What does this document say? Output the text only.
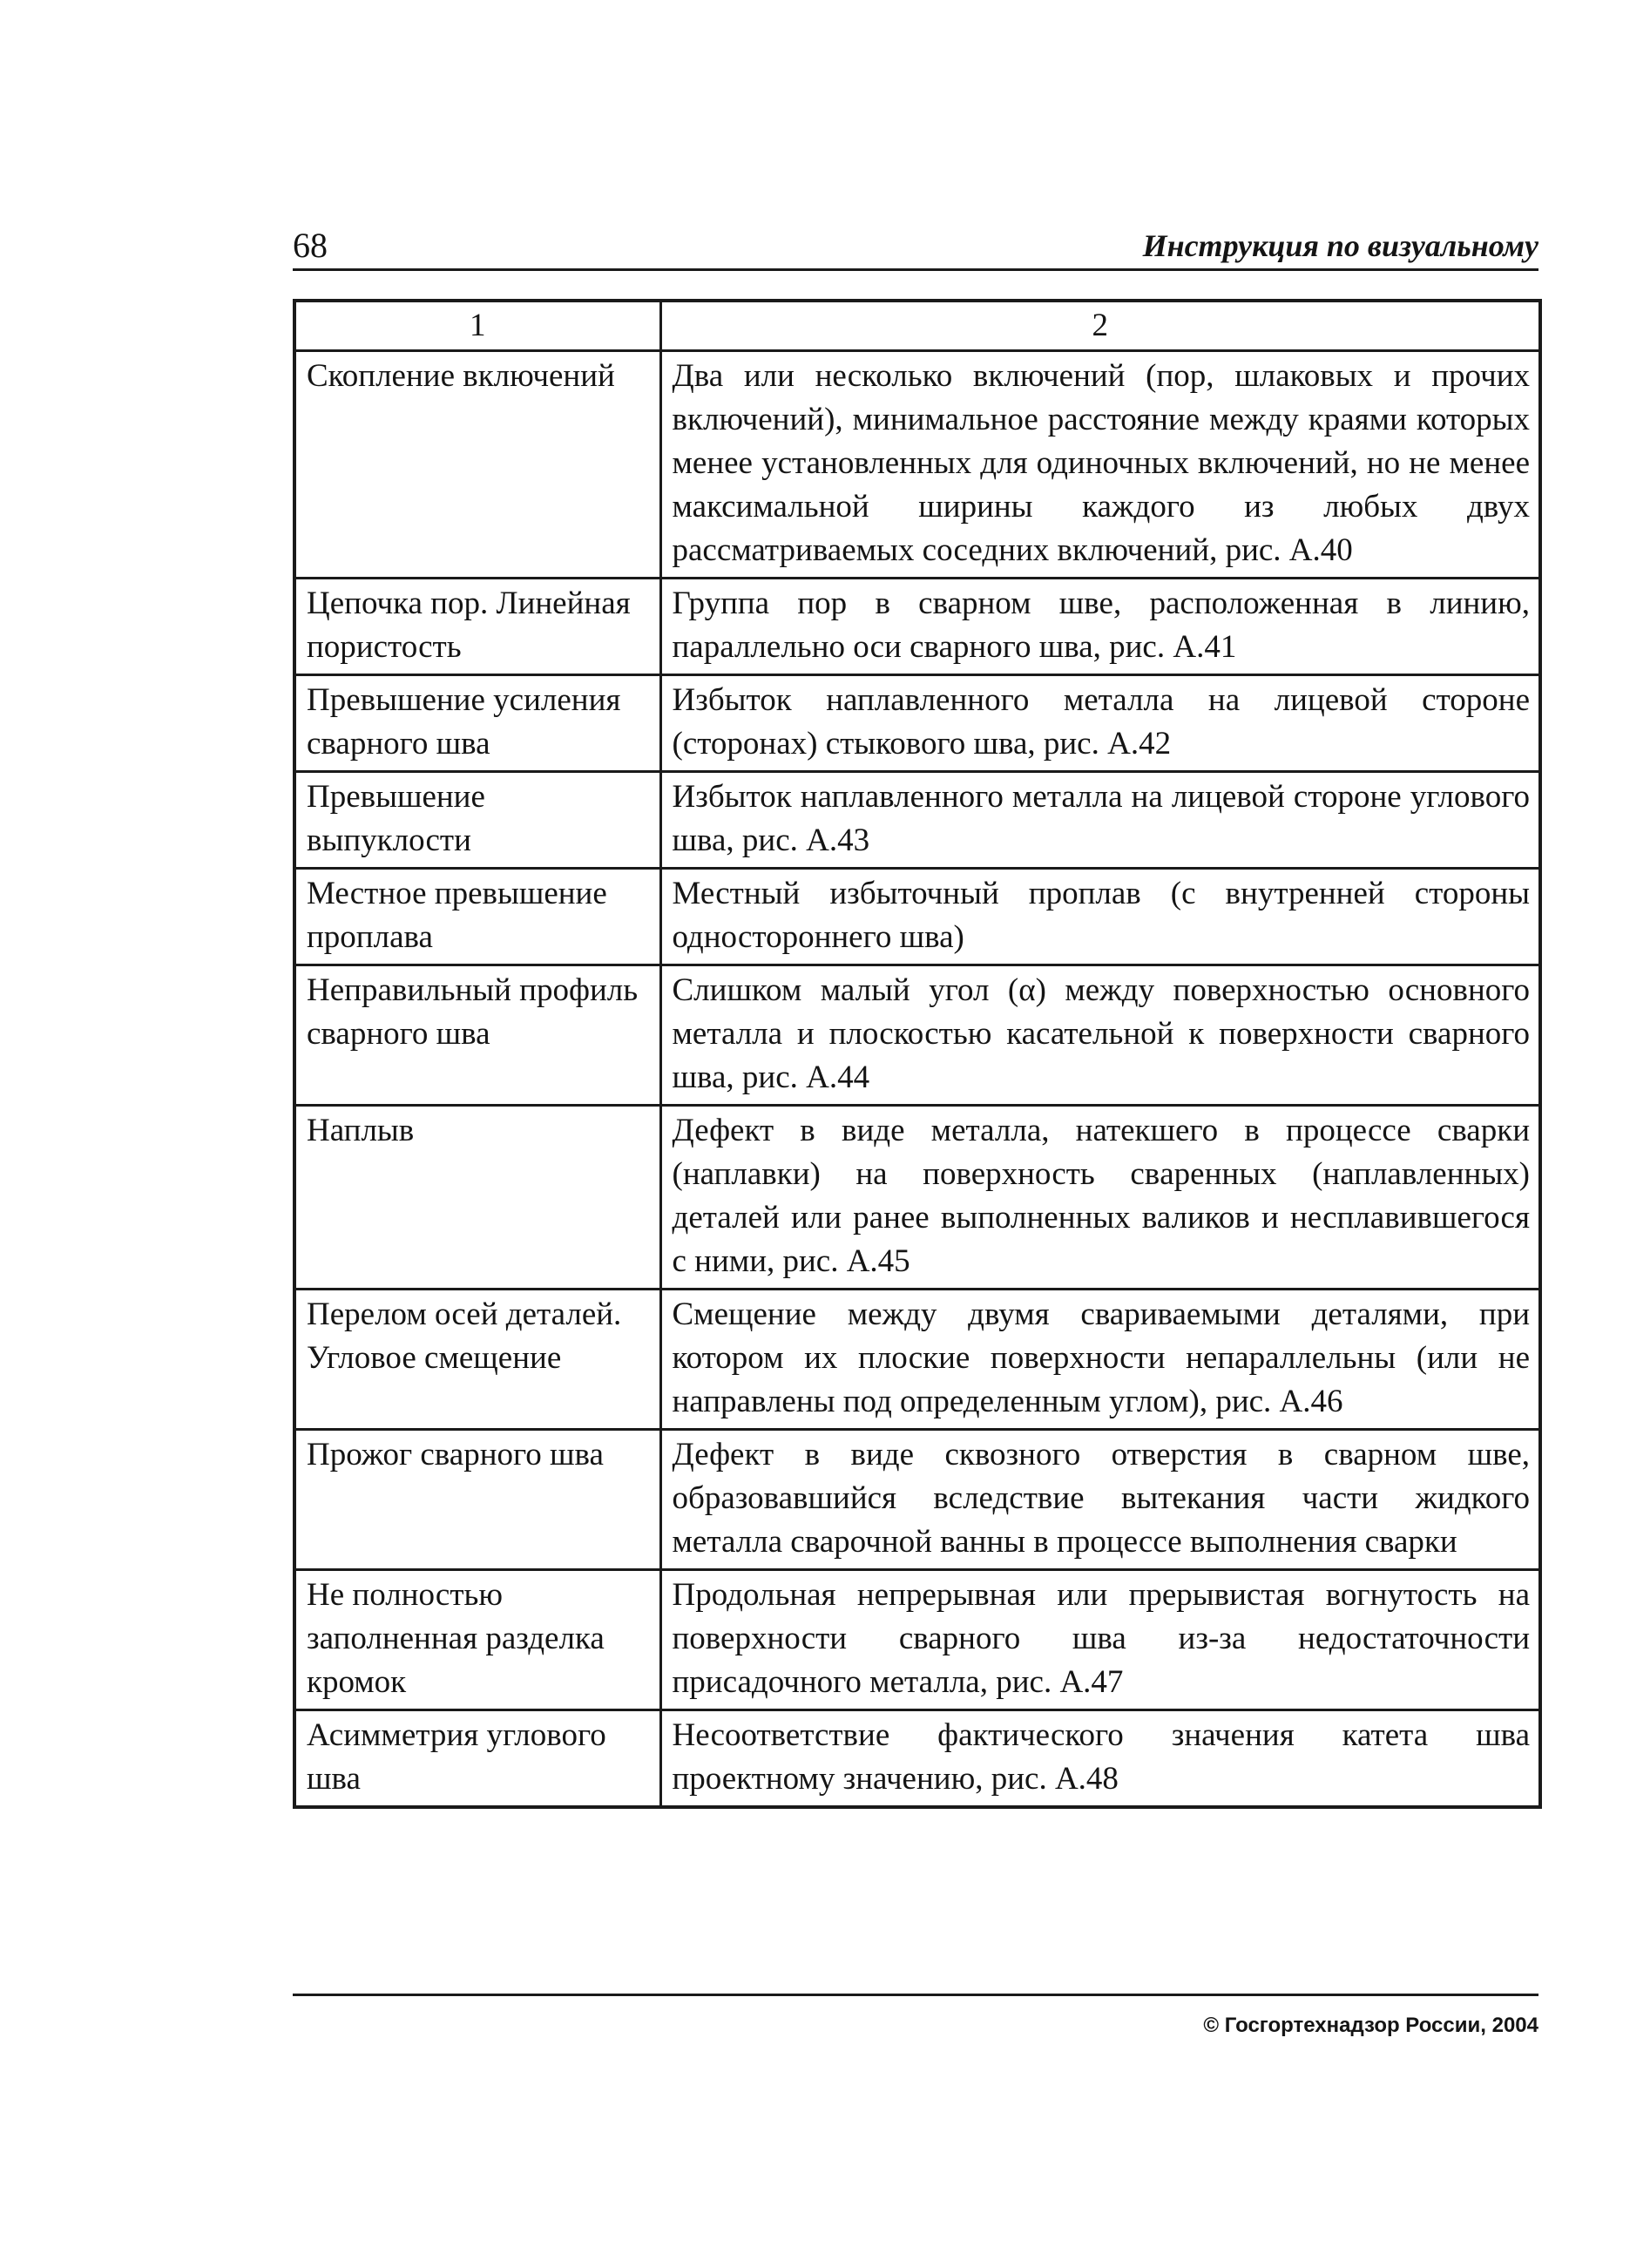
68	Инструкция по визуальному
1	2
Скопление включений	Два или несколько включений (пор, шлаковых и прочих включений), минимальное расстояние между краями которых менее установленных для одиночных включений, но не менее максимальной ширины каждого из любых двух рассматриваемых соседних включений, рис. А.40
Цепочка пор. Линейная пористость	Группа пор в сварном шве, расположенная в линию, параллельно оси сварного шва, рис. А.41
Превышение усиления сварного шва	Избыток наплавленного металла на лицевой стороне (сторонах) стыкового шва, рис. А.42
Превышение выпуклости	Избыток наплавленного металла на лицевой стороне углового шва, рис. А.43
Местное превышение проплава	Местный избыточный проплав (с внутренней стороны одностороннего шва)
Неправильный профиль сварного шва	Слишком малый угол (α) между поверхностью основного металла и плоскостью касательной к поверхности сварного шва, рис. А.44
Наплыв	Дефект в виде металла, натекшего в процессе сварки (наплавки) на поверхность свaренных (наплавленных) деталей или ранее выполненных валиков и несплавившегося с ними, рис. А.45
Перелом осей деталей. Угловое смещение	Смещение между двумя свариваемыми деталями, при котором их плоские поверхности непараллельны (или не направлены под определенным углом), рис. А.46
Прожог сварного шва	Дефект в виде сквозного отверстия в сварном шве, образовавшийся вследствие вытекания части жидкого металла сварочной ванны в процессе выполнения сварки
Не полностью заполненная разделка кромок	Продольная непрерывная или прерывистая вогнутость на поверхности сварного шва из-за недостаточности присадочного металла, рис. А.47
Асимметрия углового шва	Несоответствие фактического значения катета шва проектному значению, рис. А.48
© Госгортехнадзор России, 2004
